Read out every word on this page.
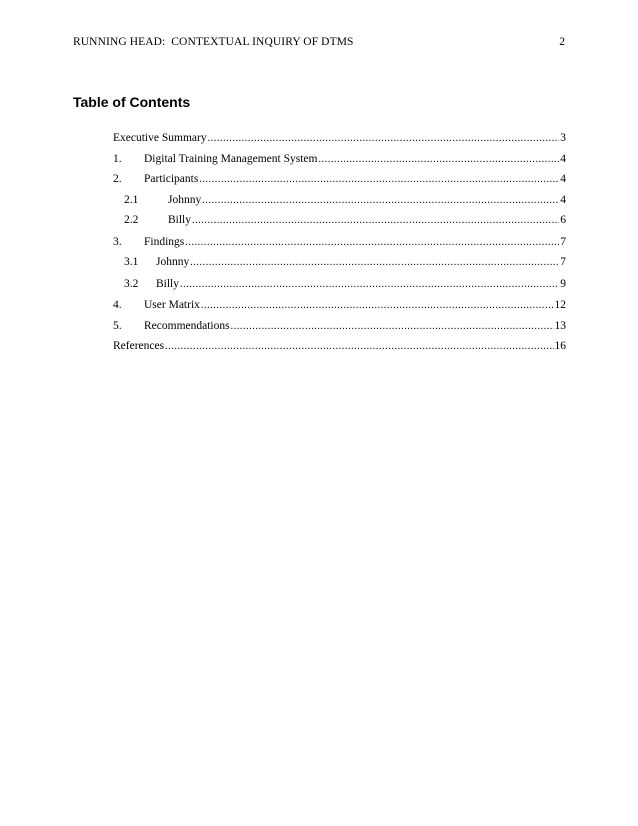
RUNNING HEAD:  CONTEXTUAL INQUIRY OF DTMS	2
Table of Contents
Executive Summary .....	3
1.	Digital Training Management System .....	4
2.	Participants .....	4
2.1	Johnny .....	4
2.2	Billy .....	6
3.	Findings .....	7
3.1	Johnny .....	7
3.2	Billy .....	9
4.	User Matrix .....	12
5.	Recommendations .....	13
References .....	16
